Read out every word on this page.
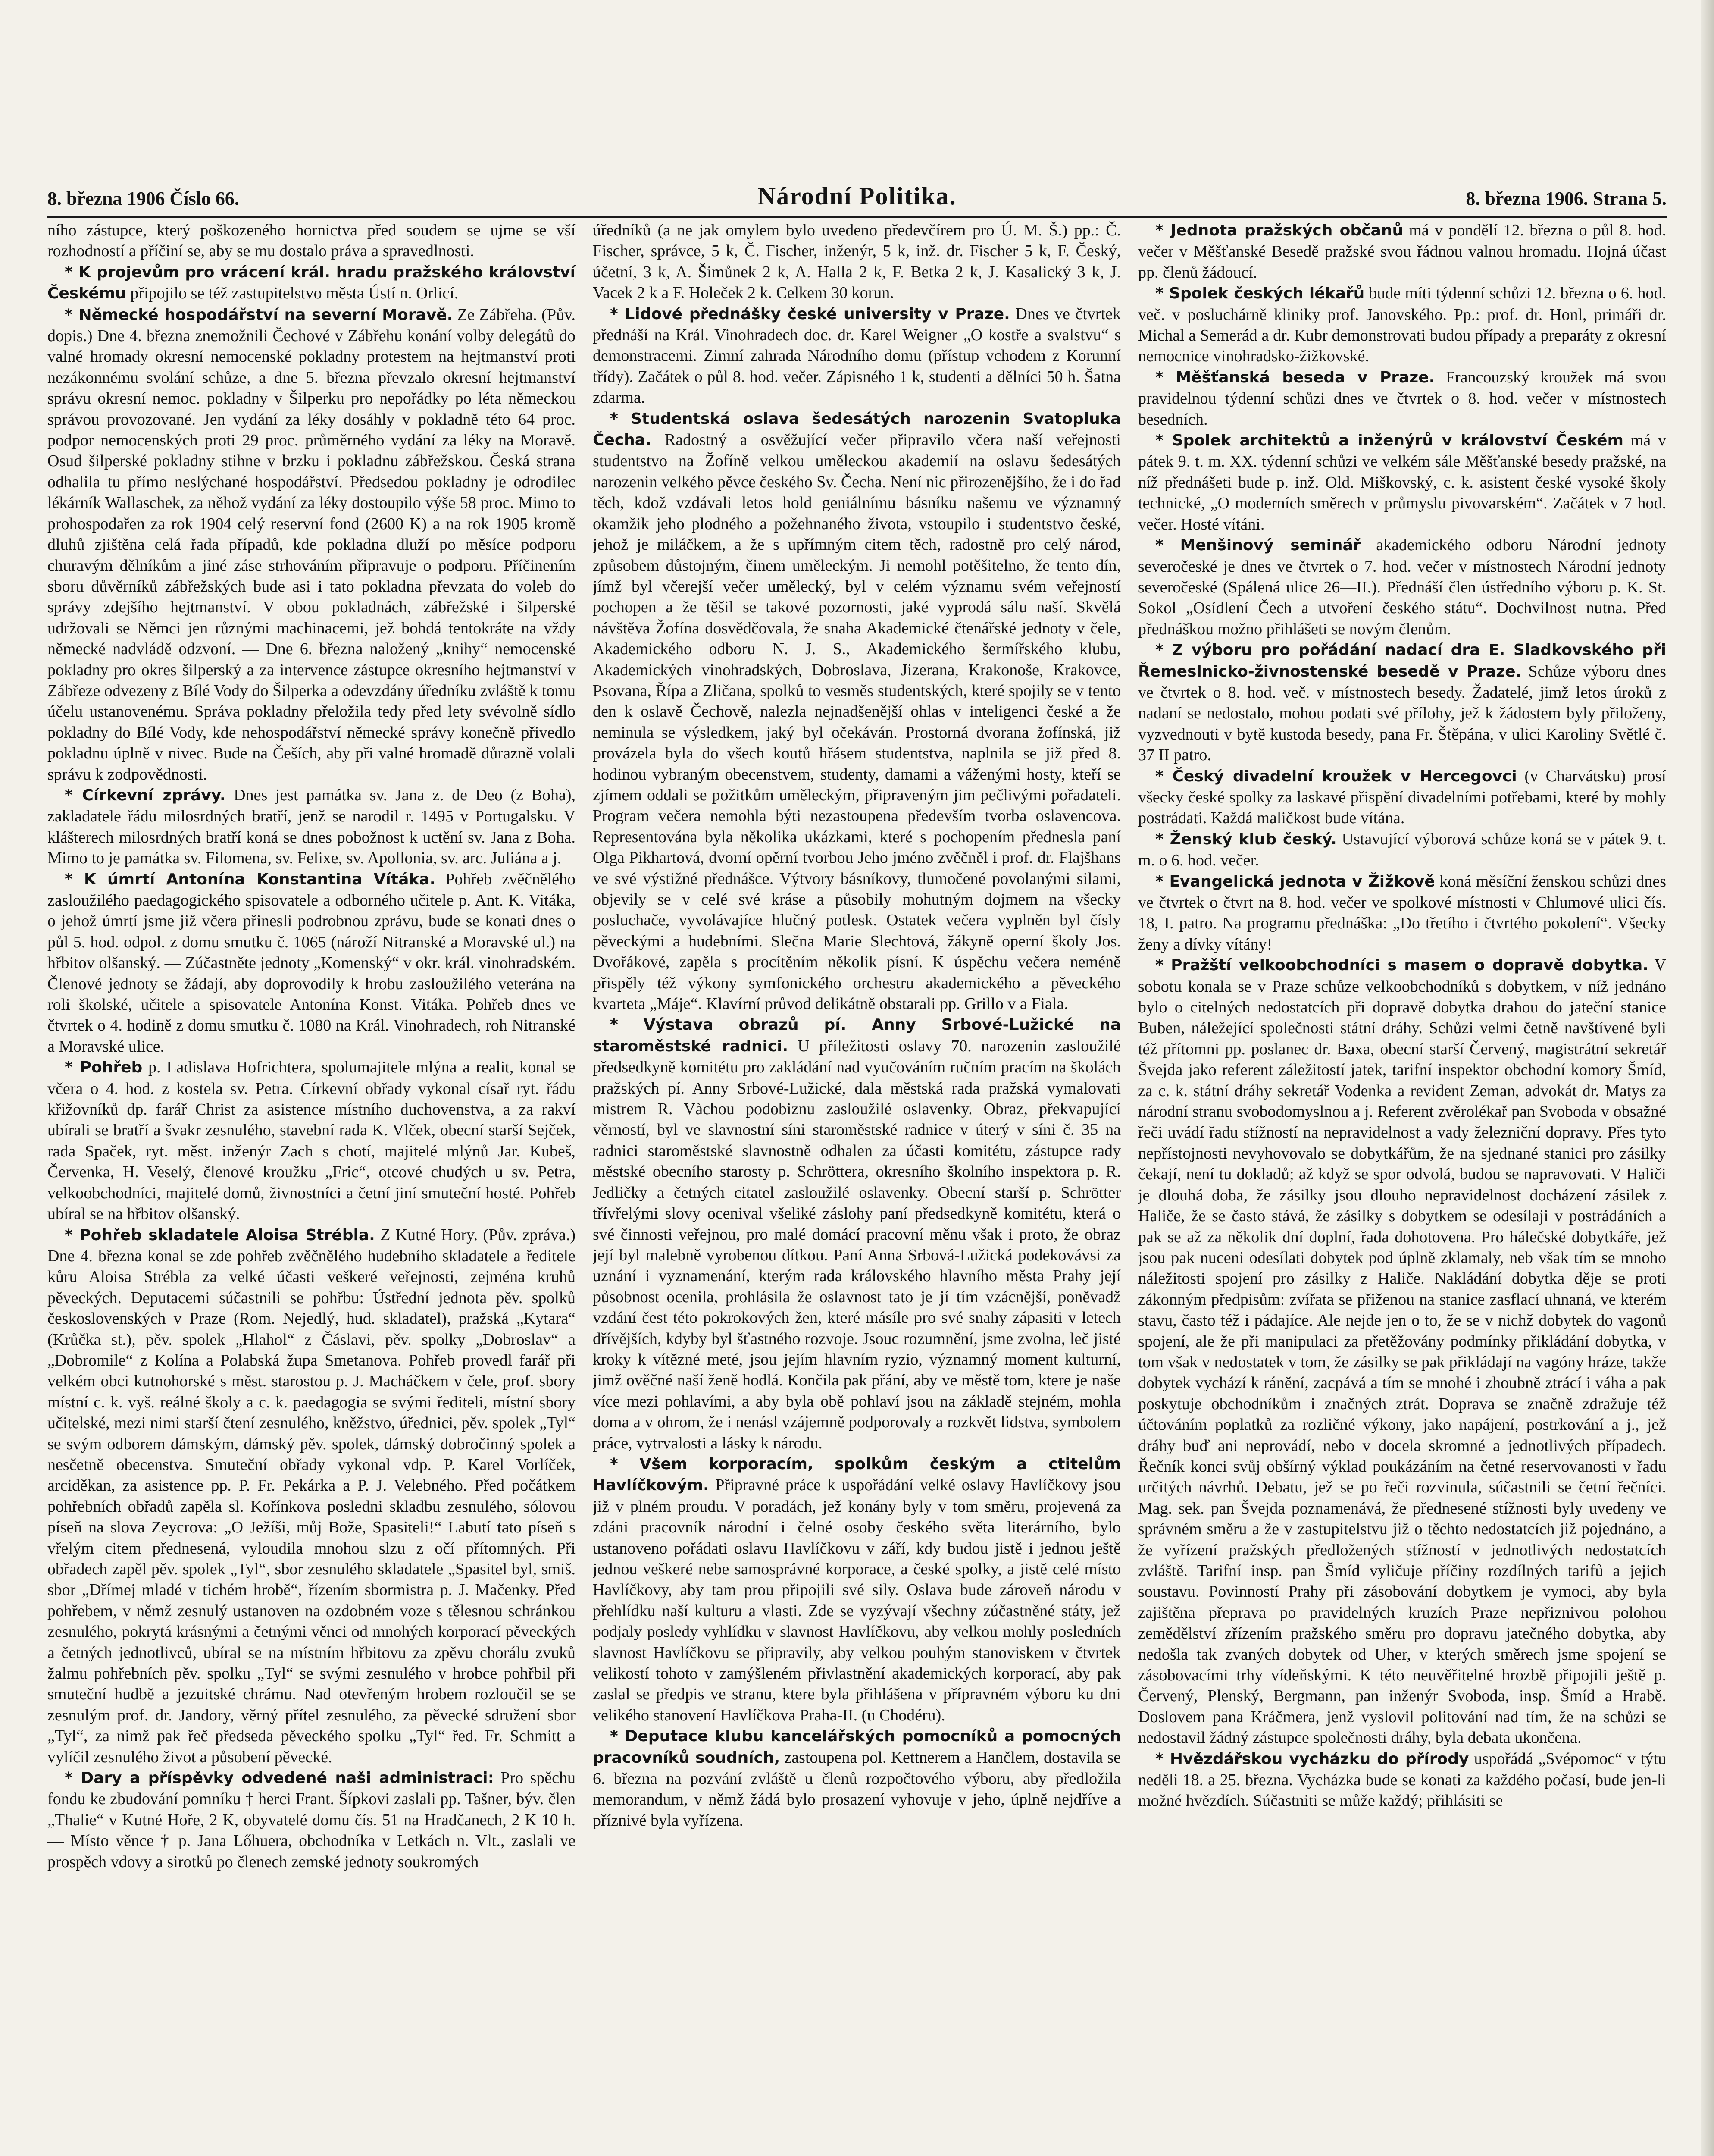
8. března 1906 Číslo 66.	Národní Politika.	8. března 1906. Strana 5.

ního zástupce, který poškozeného hornictva před soudem se ujme se vší rozhodností a příčiní se, aby se mu dostalo práva a spravedlnosti.

* K projevům pro vrácení král. hradu pražského království Českému připojilo se též zastupitelstvo města Ústí n. Orlicí.

* Německé hospodářství na severní Moravě. Ze Zábřeha. (Pův. dopis.) Dne 4. března znemožnili Čechové v Zábřehu konání volby delegátů do valné hromady okresní nemocenské pokladny protestem na hejtmanství proti nezákonnému svolání schůze, a dne 5. března převzalo okresní hejtmanství správu okresní nemoc. pokladny v Šilperku pro nepořádky po léta německou správou provozované. Jen vydání za léky dosáhly v pokladně této 64 proc. podpor nemocenských proti 29 proc. průměrného vydání za léky na Moravě. Osud šilperské pokladny stihne v brzku i pokladnu zábřežskou. Česká strana odhalila tu přímo neslýchané hospodářství. Předsedou pokladny je odrodilec lékárník Wallaschek, za něhož vydání za léky dostoupilo výše 58 proc. Mimo to prohospodařen za rok 1904 celý reservní fond (2600 K) a na rok 1905 kromě dluhů zjištěna celá řada případů, kde pokladna dluží po měsíce podporu churavým dělníkům a jiné záse strhováním připravuje o podporu. Příčinením sboru důvěrníků zábřežských bude asi i tato pokladna převzata do voleb do správy zdejšího hejtmanství. V obou pokladnách, zábřežské i šilperské udržovali se Němci jen různými machinacemi, jež bohdá tentokráte na vždy německé nadvládě odzvoní. — Dne 6. března naložený „knihy“ nemocenské pokladny pro okres šilperský a za intervence zástupce okresního hejtmanství v Zábřeze odvezeny z Bílé Vody do Šilperka a odevzdány úředníku zvláště k tomu účelu ustanovenému. Správa pokladny přeložila tedy před lety svévolně sídlo pokladny do Bílé Vody, kde nehospodářství německé správy konečně přivedlo pokladnu úplně v nivec. Bude na Češích, aby při valné hromadě důrazně volali správu k zodpovědnosti.

* Církevní zprávy. Dnes jest památka sv. Jana z. de Deo (z Boha), zakladatele řádu milosrdných bratří, jenž se narodil r. 1495 v Portugalsku. V klášterech milosrdných bratří koná se dnes pobožnost k uctění sv. Jana z Boha. Mimo to je památka sv. Filomena, sv. Felixe, sv. Apollonia, sv. arc. Juliána a j.

* K úmrtí Antonína Konstantina Vítáka. Pohřeb zvěčnělého zasloužilého paedagogického spisovatele a odborného učitele p. Ant. K. Vitáka, o jehož úmrtí jsme již včera přinesli podrobnou zprávu, bude se konati dnes o půl 5. hod. odpol. z domu smutku č. 1065 (nároží Nitranské a Moravské ul.) na hřbitov olšanský. — Zúčastněte jednoty „Komenský“ v okr. král. vinohradském. Členové jednoty se žádají, aby doprovodily k hrobu zasloužilého veterána na roli školské, učitele a spisovatele Antonína Konst. Vitáka. Pohřeb dnes ve čtvrtek o 4. hodině z domu smutku č. 1080 na Král. Vinohradech, roh Nitranské a Moravské ulice.

* Pohřeb p. Ladislava Hofrichtera, spolumajitele mlýna a realit, konal se včera o 4. hod. z kostela sv. Petra. Církevní obřady vykonal císař ryt. řádu křižovníků dp. farář Christ za asistence místního duchovenstva, a za rakví ubírali se bratří a švakr zesnulého, stavební rada K. Vlček, obecní starší Sejček, rada Spaček, ryt. měst. inženýr Zach s chotí, majitelé mlýnů Jar. Kubeš, Červenka, H. Veselý, členové kroužku „Fric“, otcové chudých u sv. Petra, velkoobchodníci, majitelé domů, živnostníci a četní jiní smuteční hosté. Pohřeb ubíral se na hřbitov olšanský.

* Pohřeb skladatele Aloisa Strébla. Z Kutné Hory. (Pův. zpráva.) Dne 4. března konal se zde pohřeb zvěčnělého hudebního skladatele a ředitele kůru Aloisa Strébla za velké účasti veškeré veřejnosti, zejména kruhů pěveckých. Deputacemi súčastnili se pohřbu: Ústřední jednota pěv. spolků československých v Praze (Rom. Nejedlý, hud. skladatel), pražská „Kytara“ (Krůčka st.), pěv. spolek „Hlahol“ z Čáslavi, pěv. spolky „Dobroslav“ a „Dobromile“ z Kolína a Polabská župa Smetanova. Pohřeb provedl farář při velkém obci kutnohorské s měst. starostou p. J. Macháčkem v čele, prof. sbory místní c. k. vyš. reálné školy a c. k. paedagogia se svými řediteli, místní sbory učitelské, mezi nimi starší čtení zesnulého, kněžstvo, úřednici, pěv. spolek „Tyl“ se svým odborem dámským, dámský pěv. spolek, dámský dobročinný spolek a nesčetně obecenstva. Smuteční obřady vykonal vdp. P. Karel Vorlíček, arciděkan, za asistence pp. P. Fr. Pekárka a P. J. Velebného. Před počátkem pohřebních obřadů zapěla sl. Kořínkova posledni skladbu zesnulého, sólovou píseň na slova Zeycrova: „O Ježíši, můj Bože, Spasiteli!“ Labutí tato píseň s vřelým citem přednesená, vyloudila mnohou slzu z očí přítomných. Při obřadech zapěl pěv. spolek „Tyl“, sbor zesnulého skladatele „Spasitel byl, smiš. sbor „Dřímej mladé v tichém hrobě“, řízením sbormistra p. J. Mačenky. Před pohřebem, v němž zesnulý ustanoven na ozdobném voze s tělesnou schránkou zesnulého, pokrytá krásnými a četnými věnci od mnohých korporací pěveckých a četných jednotlivců, ubíral se na místním hřbitovu za zpěvu chorálu zvuků žalmu pohřebních pěv. spolku „Tyl“ se svými zesnulého v hrobce pohřbil při smuteční hudbě a jezuitské chrámu. Nad otevřeným hrobem rozloučil se se zesnulým prof. dr. Jandory, věrný přítel zesnulého, za pěvecké sdružení sbor „Tyl“, za nimž pak řeč předseda pěveckého spolku „Tyl“ řed. Fr. Schmitt a vylíčil zesnulého život a působení pěvecké.

* Dary a příspěvky odvedené naši administraci: Pro spěchu fondu ke zbudování pomníku † herci Frant. Šípkovi zaslali pp. Tašner, býv. člen „Thalie“ v Kutné Hoře, 2 K, obyvatelé domu čís. 51 na Hradčanech, 2 K 10 h. — Místo věnce † p. Jana Lőhuera, obchodníka v Letkách n. Vlt., zaslali ve prospěch vdovy a sirotků po členech zemské jednoty soukromých

úředníků (a ne jak omylem bylo uvedeno předevčírem pro Ú. M. Š.) pp.: Č. Fischer, správce, 5 k, Č. Fischer, inženýr, 5 k, inž. dr. Fischer 5 k, F. Český, účetní, 3 k, A. Šimůnek 2 k, A. Halla 2 k, F. Betka 2 k, J. Kasalický 3 k, J. Vacek 2 k a F. Holeček 2 k. Celkem 30 korun.

* Lidové přednášky české university v Praze. Dnes ve čtvrtek přednáší na Král. Vinohradech doc. dr. Karel Weigner „O kostře a svalstvu“ s demonstracemi. Zimní zahrada Národního domu (přístup vchodem z Korunní třídy). Začátek o půl 8. hod. večer. Zápisného 1 k, studenti a dělníci 50 h. Šatna zdarma.

* Studentská oslava šedesátých narozenin Svatopluka Čecha. Radostný a osvěžující večer připravilo včera naší veřejnosti studentstvo na Žofíně velkou uměleckou akademií na oslavu šedesátých narozenin velkého pěvce českého Sv. Čecha. Není nic přirozenějšího, že i do řad těch, kdož vzdávali letos hold geniálnímu básníku našemu ve významný okamžik jeho plodného a požehnaného života, vstoupilo i studentstvo české, jehož je miláčkem, a že s upřímným citem těch, radostně pro celý národ, způsobem důstojným, činem uměleckým. Ji nemohl potěšitelno, že tento dín, jímž byl včerejší večer umělecký, byl v celém významu svém veřejností pochopen a že těšil se takové pozornosti, jaké vyprodá sálu naší. Skvělá návštěva Žofína dosvědčovala, že snaha Akademické čtenářské jednoty v čele, Akademického odboru N. J. S., Akademického šermířského klubu, Akademických vinohradských, Dobroslava, Jizerana, Krakonoše, Krakovce, Psovana, Řípa a Zličana, spolků to vesměs studentských, které spojily se v tento den k oslavě Čechově, nalezla nejnadšenější ohlas v inteligenci české a že neminula se výsledkem, jaký byl očekáván. Prostorná dvorana žofínská, již provázela byla do všech koutů hřásem studentstva, naplnila se již před 8. hodinou vybraným obecenstvem, studenty, damami a váženými hosty, kteří se zjímem oddali se požitkům uměleckým, připraveným jim pečlivými pořadateli. Program večera nemohla býti nezastoupena především tvorba oslavencova. Representována byla několika ukázkami, které s pochopením přednesla paní Olga Pikhartová, dvorní opěrní tvorbou Jeho jméno zvěčněl i prof. dr. Flajšhans ve své výstižné přednášce. Výtvory básníkovy, tlumočené povolanými silami, objevily se v celé své kráse a působily mohutným dojmem na všecky posluchače, vyvolávajíce hlučný potlesk. Ostatek večera vyplněn byl čísly pěveckými a hudebními. Slečna Marie Slechtová, žákyně operní školy Jos. Dvořákové, zapěla s procítěním několik písní. K úspěchu večera neméně přispěly též výkony symfonického orchestru akademického a pěveckého kvarteta „Máje“. Klavírní průvod delikátně obstarali pp. Grillo v a Fiala.

* Výstava obrazů pí. Anny Srbové-Lužické na staroměstské radnici. U příležitosti oslavy 70. narozenin zasloužilé předsedkyně komitétu pro zakládání nad vyučováním ručním pracím na školách pražských pí. Anny Srbové-Lužické, dala městská rada pražská vymalovati mistrem R. Vàchou podobiznu zasloužilé oslavenky. Obraz, překvapující věrností, byl ve slavnostní síni staroměstské radnice v úterý v síni č. 35 na radnici staroměstské slavnostně odhalen za účasti komitétu, zástupce rady městské obecního starosty p. Schröttera, okresního školního inspektora p. R. Jedličky a četných citatel zasloužilé oslavenky. Obecní starší p. Schrötter třívřelými slovy ocenival všeliké záslohy paní předsedkyně komitétu, která o své činnosti veřejnou, pro malé domácí pracovní měnu však i proto, že obraz její byl malebně vyrobenou dítkou. Paní Anna Srbová-Lužická podekovávsi za uznání i vyznamenání, kterým rada královského hlavního města Prahy její působnost ocenila, prohlásila že oslavnost tato je jí tím vzácnější, poněvadž vzdání čest této pokrokových žen, které másíle pro své snahy zápasiti v letech dřívějších, kdyby byl šťastného rozvoje. Jsouc rozumnění, jsme zvolna, leč jisté kroky k vítězné meté, jsou jejím hlavním ryzio, významný moment kulturní, jimž ověčné naší ženě hodlá. Končila pak přání, aby ve městě tom, ktere je naše více mezi pohlavími, a aby byla obě pohlaví jsou na základě stejném, mohla doma a v ohrom, že i nenásl vzájemně podporovaly a rozkvět lidstva, symbolem práce, vytrvalosti a lásky k národu.

* Všem korporacím, spolkům českým a ctitelům Havlíčkovým. Připravné práce k uspořádání velké oslavy Havlíčkovy jsou již v plném proudu. V poradách, jež konány byly v tom směru, projevená za zdáni pracovník národní i čelné osoby českého světa literárního, bylo ustanoveno pořádati oslavu Havlíčkovu v září, kdy budou jistě i jednou ještě jednou veškeré nebe samosprávné korporace, a české spolky, a jistě celé místo Havlíčkovy, aby tam prou připojili své sily. Oslava bude zároveň národu v přehlídku naší kulturu a vlasti. Zde se vyzývají všechny zúčastněné státy, jež podjaly posledy vyhlídku v slavnost Havlíčkovu, aby velkou mohly posledních slavnost Havlíčkovu se připravily, aby velkou pouhým stanoviskem v čtvrtek velikostí tohoto v zamýšleném přivlastnění akademických korporací, aby pak zaslal se předpis ve stranu, ktere byla přihlášena v přípravném výboru ku dni velikého stanovení Havlíčkova Praha-II. (u Chodéru).

* Deputace klubu kancelářských pomocníků a pomocných pracovníků soudních, zastoupena pol. Kettnerem a Hančlem, dostavila se 6. března na pozvání zvláště u členů rozpočtového výboru, aby předložila memorandum, v němž žádá bylo prosazení vyhovuje v jeho, úplně nejdříve a příznivé byla vyřízena.

* Jednota pražských občanů má v pondělí 12. března o půl 8. hod. večer v Měšťanské Besedě pražské svou řádnou valnou hromadu. Hojná účast pp. členů žádoucí.

* Spolek českých lékařů bude míti týdenní schůzi 12. března o 6. hod. več. v posluchárně kliniky prof. Janovského. Pp.: prof. dr. Honl, primáři dr. Michal a Semerád a dr. Kubr demonstrovati budou případy a preparáty z okresní nemocnice vinohradsko-žižkovské.

* Měšťanská beseda v Praze. Francouzský kroužek má svou pravidelnou týdenní schůzi dnes ve čtvrtek o 8. hod. večer v místnostech besedních.

* Spolek architektů a inženýrů v království Českém má v pátek 9. t. m. XX. týdenní schůzi ve velkém sále Měšťanské besedy pražské, na níž přednášeti bude p. inž. Old. Miškovský, c. k. asistent české vysoké školy technické, „O moderních směrech v průmyslu pivovarském“. Začátek v 7 hod. večer. Hosté vítáni.

* Menšinový seminář akademického odboru Národní jednoty severočeské je dnes ve čtvrtek o 7. hod. večer v místnostech Národní jednoty severočeské (Spálená ulice 26—II.). Přednáší člen ústředního výboru p. K. St. Sokol „Osídlení Čech a utvoření českého státu“. Dochvilnost nutna. Před přednáškou možno přihlášeti se novým členům.

* Z výboru pro pořádání nadací dra E. Sladkovského při Řemeslnicko-živnostenské besedě v Praze. Schůze výboru dnes ve čtvrtek o 8. hod. več. v místnostech besedy. Žadatelé, jimž letos úroků z nadaní se nedostalo, mohou podati své přílohy, jež k žádostem byly přiloženy, vyzvednouti v bytě kustoda besedy, pana Fr. Štěpána, v ulici Karoliny Světlé č. 37 II patro.

* Český divadelní kroužek v Hercegovci (v Charvátsku) prosí všecky české spolky za laskavé přispění divadelními potřebami, které by mohly postrádati. Každá maličkost bude vítána.

* Ženský klub český. Ustavující výborová schůze koná se v pátek 9. t. m. o 6. hod. večer.

* Evangelická jednota v Žižkově koná měsíční ženskou schůzi dnes ve čtvrtek o čtvrt na 8. hod. večer ve spolkové místnosti v Chlumové ulici čís. 18, I. patro. Na programu přednáška: „Do třetího i čtvrtého pokolení“. Všecky ženy a dívky vítány!

* Pražští velkoobchodníci s masem o dopravě dobytka. V sobotu konala se v Praze schůze velkoobchodníků s dobytkem, v níž jednáno bylo o citelných nedostatcích při dopravě dobytka drahou do jateční stanice Buben, náležející společnosti státní dráhy. Schůzi velmi četně navštívené byli též přítomni pp. poslanec dr. Baxa, obecní starší Červený, magistrátní sekretář Švejda jako referent záležitostí jatek, tarifní inspektor obchodní komory Šmíd, za c. k. státní dráhy sekretář Vodenka a revident Zeman, advokát dr. Matys za národní stranu svobodomyslnou a j. Referent zvěrolékař pan Svoboda v obsažné řeči uvádí řadu stížností na nepravidelnost a vady železniční dopravy. Přes tyto nepřístojnosti nevyhovovalo se dobytkářům, že na sjednané stanici pro zásilky čekají, není tu dokladů; až když se spor odvolá, budou se napravovati. V Haliči je dlouhá doba, že zásilky jsou dlouho nepravidelnost docházení zásilek z Haliče, že se často stává, že zásilky s dobytkem se odesílaji v postrádáních a pak se až za několik dní doplní, řada dohotovena. Pro hálečské dobytkáře, jež jsou pak nuceni odesílati dobytek pod úplně zklamaly, neb však tím se mnoho náležitosti spojení pro zásilky z Haliče. Nakládání dobytka děje se proti zákonným předpisům: zvířata se přiženou na stanice zasflací uhnaná, ve kterém stavu, často též i pádajíce. Ale nejde jen o to, že se v nichž dobytek do vagonů spojení, ale že při manipulaci za přetěžovány podmínky přikládání dobytka, v tom však v nedostatek v tom, že zásilky se pak přikládají na vagóny hráze, takže dobytek vychází k ránění, zacpává a tím se mnohé i zhoubně ztrácí i váha a pak poskytuje obchodníkům i značných ztrát. Doprava se značně zdražuje též účtováním poplatků za rozličné výkony, jako napájení, postrkování a j., jež dráhy buď ani neprovádí, nebo v docela skromné a jednotlivých případech. Řečník konci svůj obšírný výklad poukázáním na četné reservovanosti v řadu určitých návrhů. Debatu, jež se po řeči rozvinula, súčastnili se četní řečníci. Mag. sek. pan Švejda poznamenává, že přednesené stížnosti byly uvedeny ve správném směru a že v zastupitelstvu již o těchto nedostatcích již pojednáno, a že vyřízení pražských předložených stížností v jednotlivých nedostatcích zvláště. Tarifní insp. pan Šmíd vyličuje příčiny rozdílných tarifů a jejich soustavu. Povinností Prahy při zásobování dobytkem je vymoci, aby byla zajištěna přeprava po pravidelných kruzích Praze nepřiznivou polohou zemědělství zřízením pražského směru pro dopravu jatečného dobytka, aby nedošla tak zvaných dobytek od Uher, v kterých směrech jsme spojení se zásobovacími trhy vídeňskými. K této neuvěřitelné hrozbě připojili ještě p. Červený, Plenský, Bergmann, pan inženýr Svoboda, insp. Šmíd a Hrabě. Doslovem pana Kráčmera, jenž vyslovil politování nad tím, že na schůzi se nedostavil žádný zástupce společnosti dráhy, byla debata ukončena.

* Hvězdářskou vycházku do přírody uspořádá „Svépomoc“ v týtu neděli 18. a 25. března. Vycházka bude se konati za každého počasí, bude jen-li možné hvězdích. Súčastniti se může každý; přihlásiti se
